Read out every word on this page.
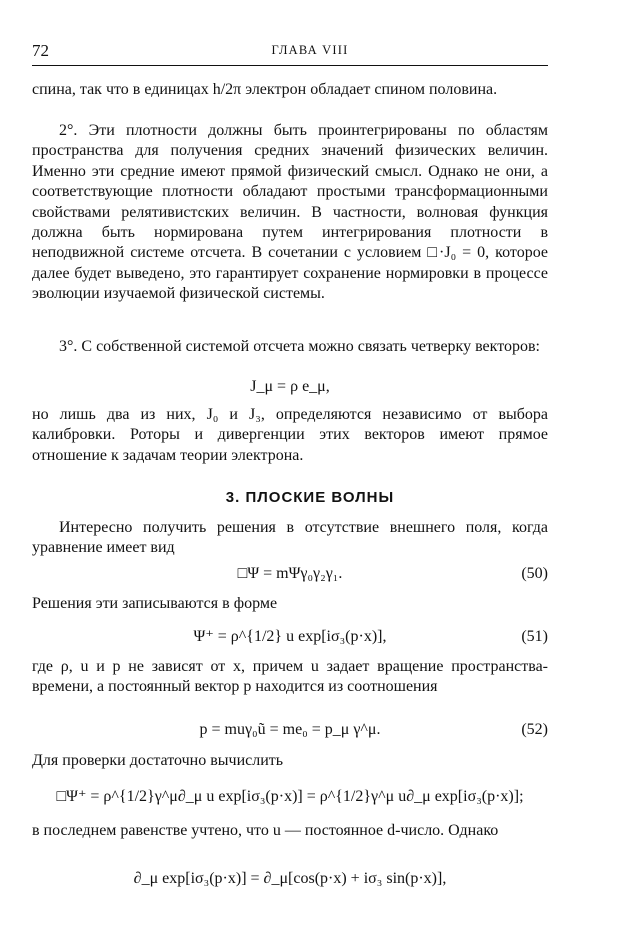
72	ГЛАВА VIII

спина, так что в единицах h/2π электрон обладает спином половина.

2°. Эти плотности должны быть проинтегрированы по областям пространства для получения средних значений физических величин. Именно эти средние имеют прямой физический смысл. Однако не они, а соответствующие плотности обладают простыми трансформационными свойствами релятивистских величин. В частности, волновая функция должна быть нормирована путем интегрирования плотности в неподвижной системе отсчета. В сочетании с условием □·J₀ = 0, которое далее будет выведено, это гарантирует сохранение нормировки в процессе эволюции изучаемой физической системы.

3°. С собственной системой отсчета можно связать четверку векторов:

J_μ = ρ e_μ,

но лишь два из них, J₀ и J₃, определяются независимо от выбора калибровки. Роторы и дивергенции этих векторов имеют прямое отношение к задачам теории электрона.

3. ПЛОСКИЕ ВОЛНЫ

Интересно получить решения в отсутствие внешнего поля, когда уравнение имеет вид

□Ψ = mΨγ₀γ₂γ₁.	(50)

Решения эти записываются в форме

Ψ⁺ = ρ^{1/2} u exp[iσ₃(p·x)],	(51)

где ρ, u и p не зависят от x, причем u задает вращение пространства-времени, а постоянный вектор p находится из соотношения

p = muγ₀ũ = me₀ = p_μ γ^μ.	(52)

Для проверки достаточно вычислить

□Ψ⁺ = ρ^{1/2}γ^μ∂_μ u exp[iσ₃(p·x)] = ρ^{1/2}γ^μ u∂_μ exp[iσ₃(p·x)];

в последнем равенстве учтено, что u — постоянное d-число. Однако

∂_μ exp[iσ₃(p·x)] = ∂_μ[cos(p·x) + iσ₃ sin(p·x)],
